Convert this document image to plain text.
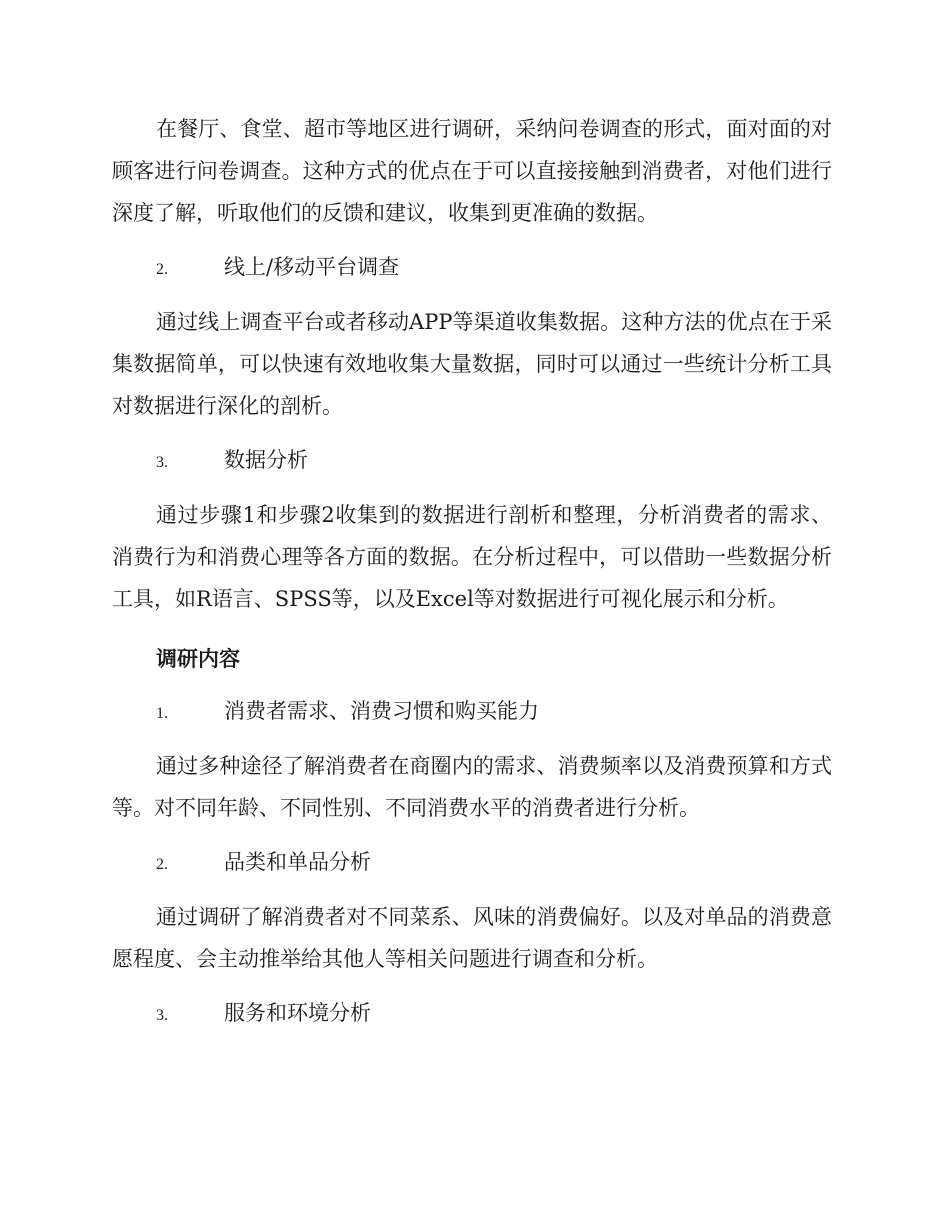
在餐厅、食堂、超市等地区进行调研，采纳问卷调查的形式，面对面的对顾客进行问卷调查。这种方式的优点在于可以直接接触到消费者，对他们进行深度了解，听取他们的反馈和建议，收集到更准确的数据。

2.	线上/移动平台调查

通过线上调查平台或者移动APP等渠道收集数据。这种方法的优点在于采集数据简单，可以快速有效地收集大量数据，同时可以通过一些统计分析工具对数据进行深化的剖析。

3.	数据分析

通过步骤1和步骤2收集到的数据进行剖析和整理，分析消费者的需求、消费行为和消费心理等各方面的数据。在分析过程中，可以借助一些数据分析工具，如R语言、SPSS等，以及Excel等对数据进行可视化展示和分析。

调研内容
1.	消费者需求、消费习惯和购买能力

通过多种途径了解消费者在商圈内的需求、消费频率以及消费预算和方式等。对不同年龄、不同性别、不同消费水平的消费者进行分析。

2.	品类和单品分析

通过调研了解消费者对不同菜系、风味的消费偏好。以及对单品的消费意愿程度、会主动推举给其他人等相关问题进行调查和分析。

3.	服务和环境分析
